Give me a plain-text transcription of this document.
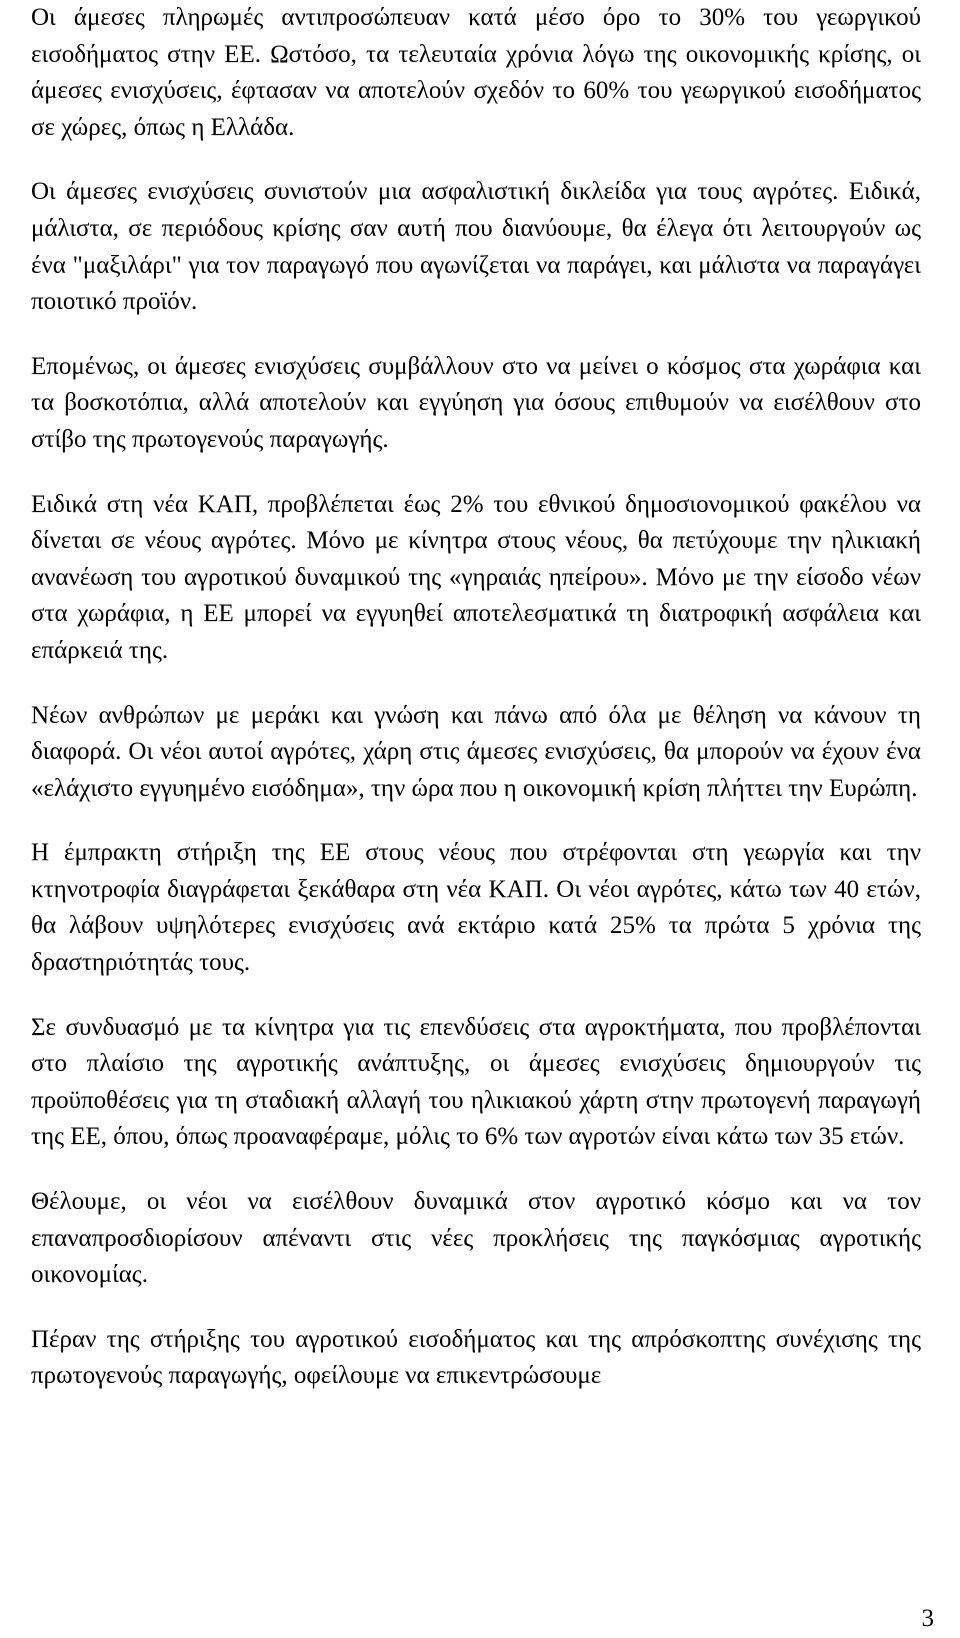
Οι άμεσες πληρωμές αντιπροσώπευαν κατά μέσο όρο το 30% του γεωργικού εισοδήματος στην ΕΕ. Ωστόσο, τα τελευταία χρόνια λόγω της οικονομικής κρίσης, οι άμεσες ενισχύσεις, έφτασαν να αποτελούν σχεδόν το 60% του γεωργικού εισοδήματος σε χώρες, όπως η Ελλάδα.

Οι άμεσες ενισχύσεις συνιστούν μια ασφαλιστική δικλείδα για τους αγρότες. Ειδικά, μάλιστα, σε περιόδους κρίσης σαν αυτή που διανύουμε, θα έλεγα ότι λειτουργούν ως ένα "μαξιλάρι" για τον παραγωγό που αγωνίζεται να παράγει, και μάλιστα να παραγάγει ποιοτικό προϊόν.

Επομένως, οι άμεσες ενισχύσεις συμβάλλουν στο να μείνει ο κόσμος στα χωράφια και τα βοσκοτόπια, αλλά αποτελούν και εγγύηση για όσους επιθυμούν να εισέλθουν στο στίβο της πρωτογενούς παραγωγής.

Ειδικά στη νέα ΚΑΠ, προβλέπεται έως 2% του εθνικού δημοσιονομικού φακέλου να δίνεται σε νέους αγρότες. Μόνο με κίνητρα στους νέους, θα πετύχουμε την ηλικιακή ανανέωση του αγροτικού δυναμικού της «γηραιάς ηπείρου». Μόνο με την είσοδο νέων στα χωράφια, η ΕΕ μπορεί να εγγυηθεί αποτελεσματικά τη διατροφική ασφάλεια και επάρκειά της.

Νέων ανθρώπων με μεράκι και γνώση και πάνω από όλα με θέληση να κάνουν τη διαφορά. Οι νέοι αυτοί αγρότες, χάρη στις άμεσες ενισχύσεις, θα μπορούν να έχουν ένα «ελάχιστο εγγυημένο εισόδημα», την ώρα που η οικονομική κρίση πλήττει την Ευρώπη.

Η έμπρακτη στήριξη της ΕΕ στους νέους που στρέφονται στη γεωργία και την κτηνοτροφία διαγράφεται ξεκάθαρα στη νέα ΚΑΠ. Οι νέοι αγρότες, κάτω των 40 ετών, θα λάβουν υψηλότερες ενισχύσεις ανά εκτάριο κατά 25% τα πρώτα 5 χρόνια της δραστηριότητάς τους.

Σε συνδυασμό με τα κίνητρα για τις επενδύσεις στα αγροκτήματα, που προβλέπονται στο πλαίσιο της αγροτικής ανάπτυξης, οι άμεσες ενισχύσεις δημιουργούν τις προϋποθέσεις για τη σταδιακή αλλαγή του ηλικιακού χάρτη στην πρωτογενή παραγωγή της ΕΕ, όπου, όπως προαναφέραμε, μόλις το 6% των αγροτών είναι κάτω των 35 ετών.

Θέλουμε, οι νέοι να εισέλθουν δυναμικά στον αγροτικό κόσμο και να τον επαναπροσδιορίσουν απέναντι στις νέες προκλήσεις της παγκόσμιας αγροτικής οικονομίας.

Πέραν της στήριξης του αγροτικού εισοδήματος και της απρόσκοπτης συνέχισης της πρωτογενούς παραγωγής, οφείλουμε να επικεντρώσουμε

3
